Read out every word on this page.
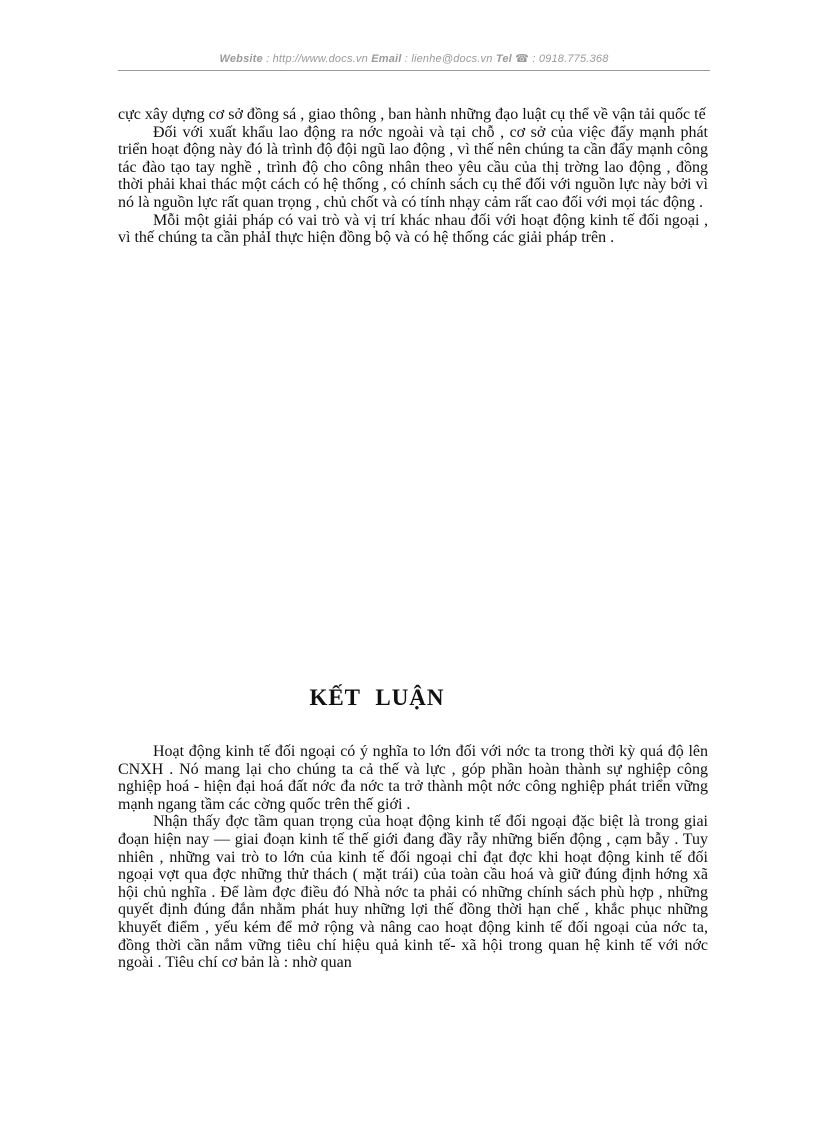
Website : http://www.docs.vn Email : lienhe@docs.vn Tel ☎ : 0918.775.368

cực xây dựng cơ sở đồng sá , giao thông , ban hành những đạo luật cụ thể về vận tải quốc tế

Đối với xuất khẩu lao động ra nớc ngoài và tại chỗ , cơ sở của việc đẩy mạnh phát triển hoạt động này đó là trình độ đội ngũ lao động , vì thế nên chúng ta cần đẩy mạnh công tác đào tạo tay nghề , trình độ cho công nhân theo yêu cầu của thị trờng lao động , đồng thời phải khai thác một cách có hệ thống , có chính sách cụ thể đối với nguồn lực này bởi vì nó là nguồn lực rất quan trọng , chủ chốt và có tính nhạy cảm rất cao đối với mọi tác động .

Mỗi một giải pháp có vai trò và vị trí khác nhau đối với hoạt động kinh tế đối ngoại , vì thế chúng ta cần phảI thực hiện đồng bộ và có hệ thống các giải pháp trên .

KẾT LUẬN

Hoạt động kinh tế đối ngoại có ý nghĩa to lớn đối với nớc ta trong thời kỳ quá độ lên CNXH . Nó mang lại cho chúng ta cả thế và lực , góp phần hoàn thành sự nghiệp công nghiệp hoá - hiện đại hoá đất nớc đa nớc ta trở thành một nớc công nghiệp phát triển vững mạnh ngang tầm các cờng quốc trên thế giới .

Nhận thấy đợc tầm quan trọng của hoạt động kinh tế đối ngoại đặc biệt là trong giai đoạn hiện nay — giai đoạn kinh tế thế giới đang đầy rẫy những biến động , cạm bẫy . Tuy nhiên , những vai trò to lớn của kinh tế đối ngoại chỉ đạt đợc khi hoạt động kinh tế đối ngoại vợt qua đợc những thử thách ( mặt trái) của toàn cầu hoá và giữ đúng định hớng xã hội chủ nghĩa . Để làm đợc điều đó Nhà nớc ta phải có những chính sách phù hợp , những quyết định đúng đắn nhằm phát huy những lợi thế đồng thời hạn chế , khắc phục những khuyết điểm , yếu kém để mở rộng và nâng cao hoạt động kinh tế đối ngoại của nớc ta, đồng thời cần nắm vững tiêu chí hiệu quả kinh tế- xã hội trong quan hệ kinh tế với nớc ngoài . Tiêu chí cơ bản là : nhờ quan
